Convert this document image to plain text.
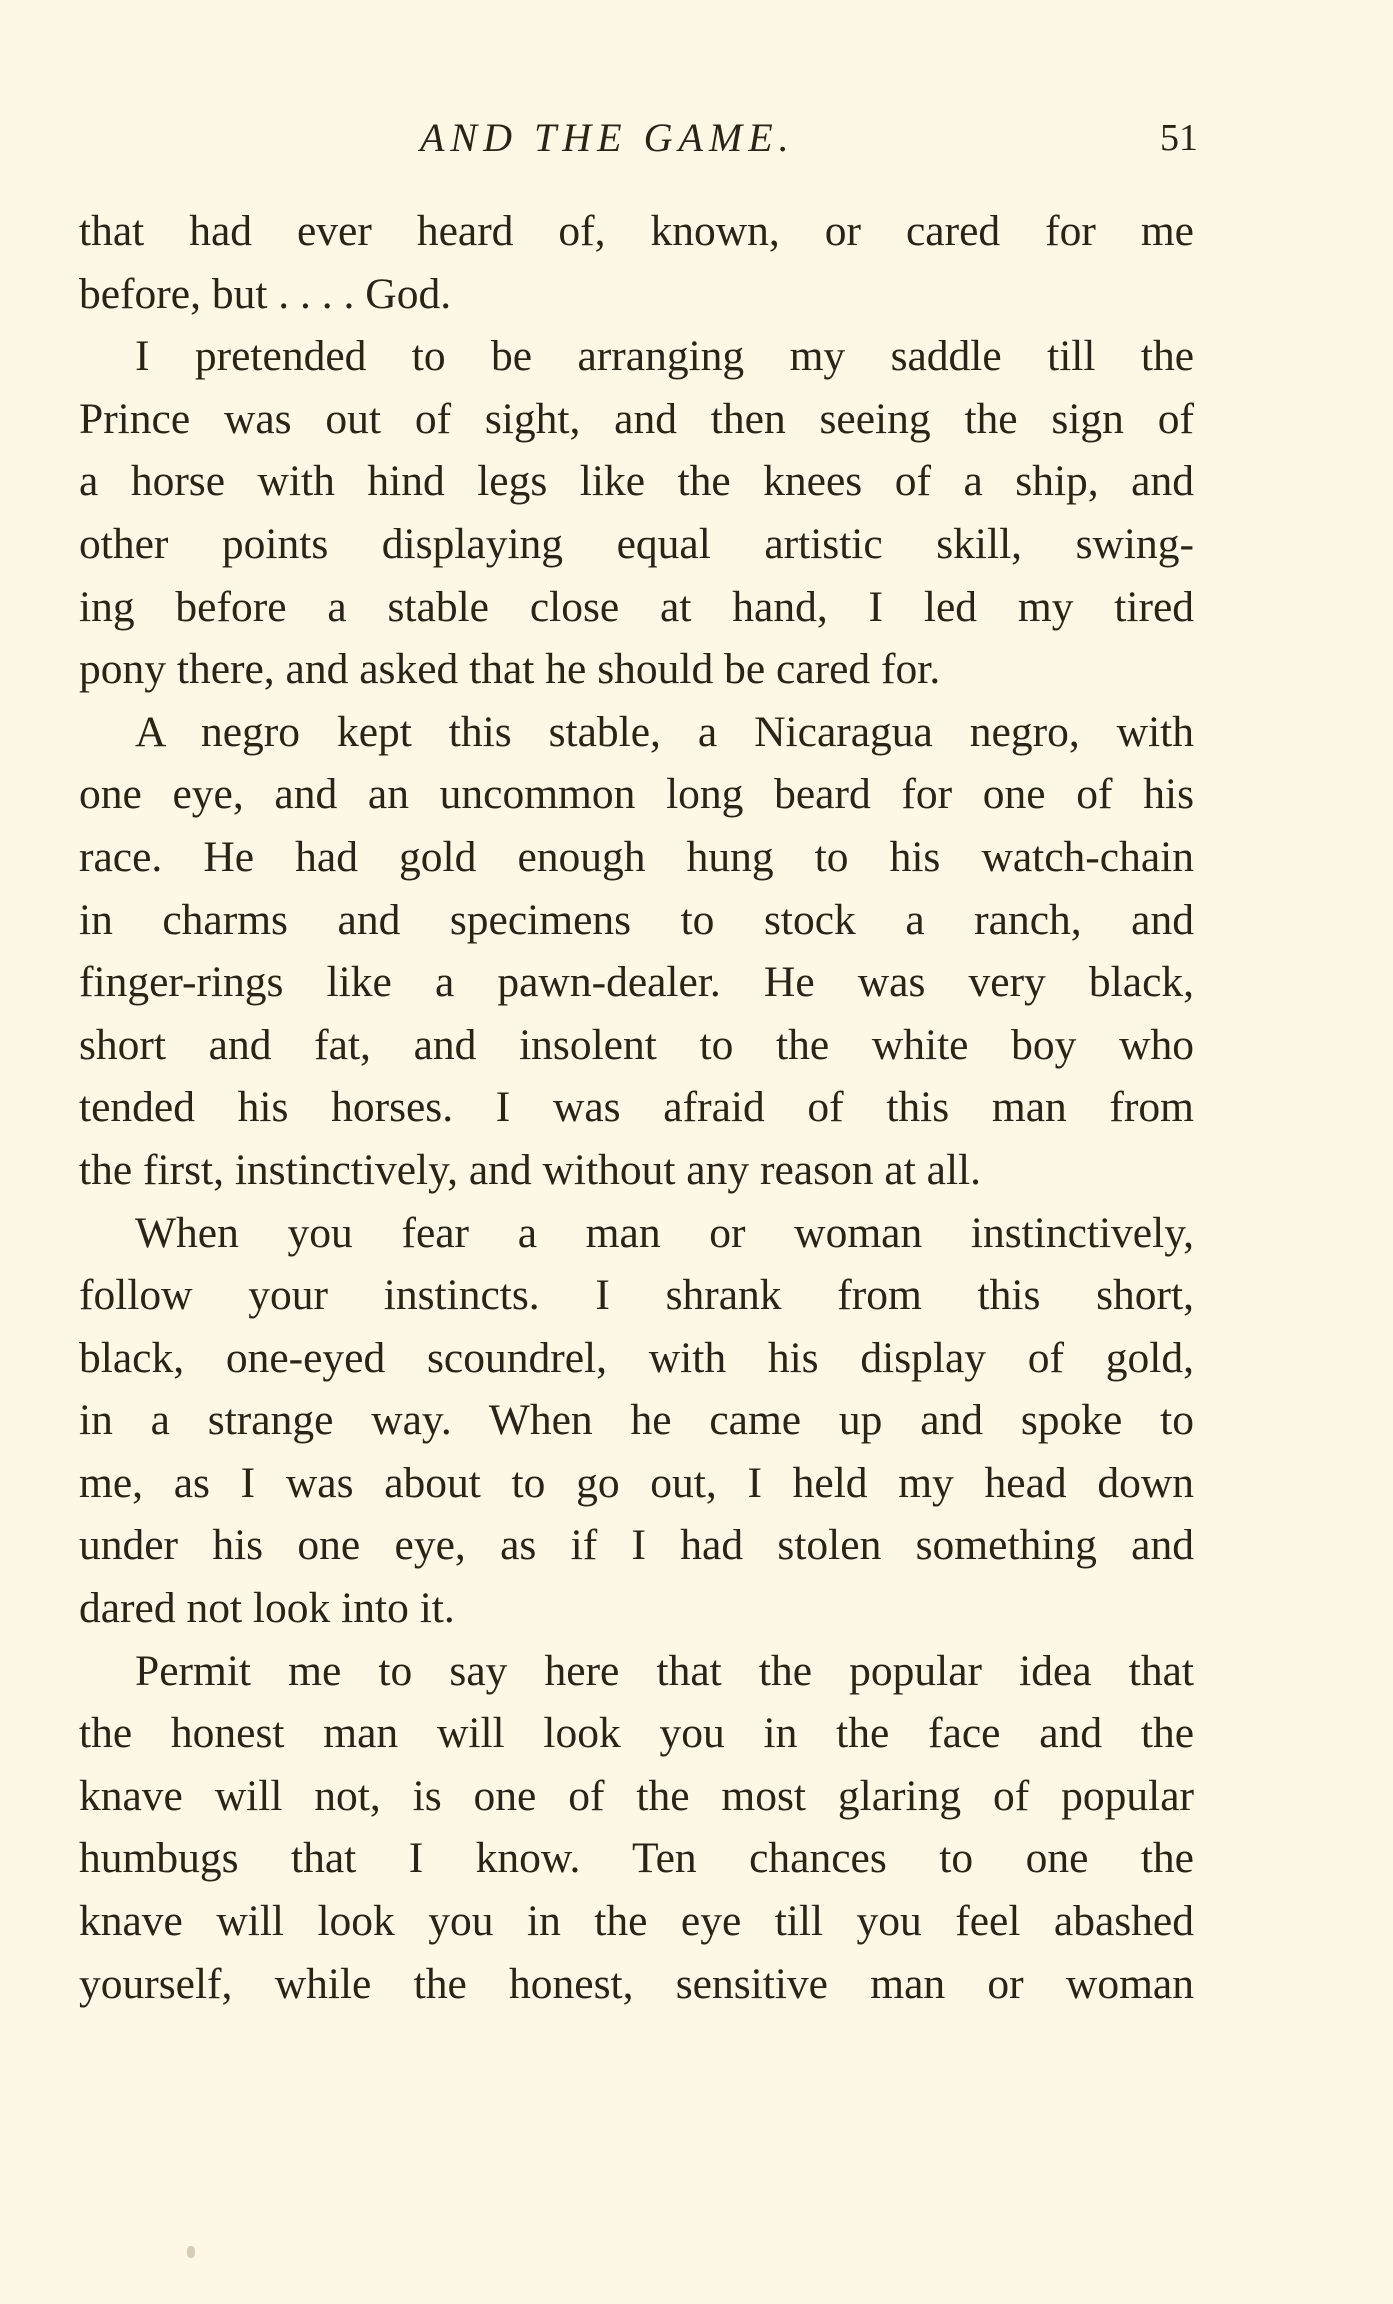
AND THE GAME.	51
that had ever heard of, known, or cared for me
before, but . . . . God.
I pretended to be arranging my saddle till the
Prince was out of sight, and then seeing the sign of
a horse with hind legs like the knees of a ship, and
other points displaying equal artistic skill, swing-
ing before a stable close at hand, I led my tired
pony there, and asked that he should be cared for.
A negro kept this stable, a Nicaragua negro, with
one eye, and an uncommon long beard for one of his
race. He had gold enough hung to his watch-chain
in charms and specimens to stock a ranch, and
finger-rings like a pawn-dealer. He was very black,
short and fat, and insolent to the white boy who
tended his horses. I was afraid of this man from
the first, instinctively, and without any reason at all.
When you fear a man or woman instinctively,
follow your instincts. I shrank from this short,
black, one-eyed scoundrel, with his display of gold,
in a strange way. When he came up and spoke to
me, as I was about to go out, I held my head down
under his one eye, as if I had stolen something and
dared not look into it.
Permit me to say here that the popular idea that
the honest man will look you in the face and the
knave will not, is one of the most glaring of popular
humbugs that I know. Ten chances to one the
knave will look you in the eye till you feel abashed
yourself, while the honest, sensitive man or woman
